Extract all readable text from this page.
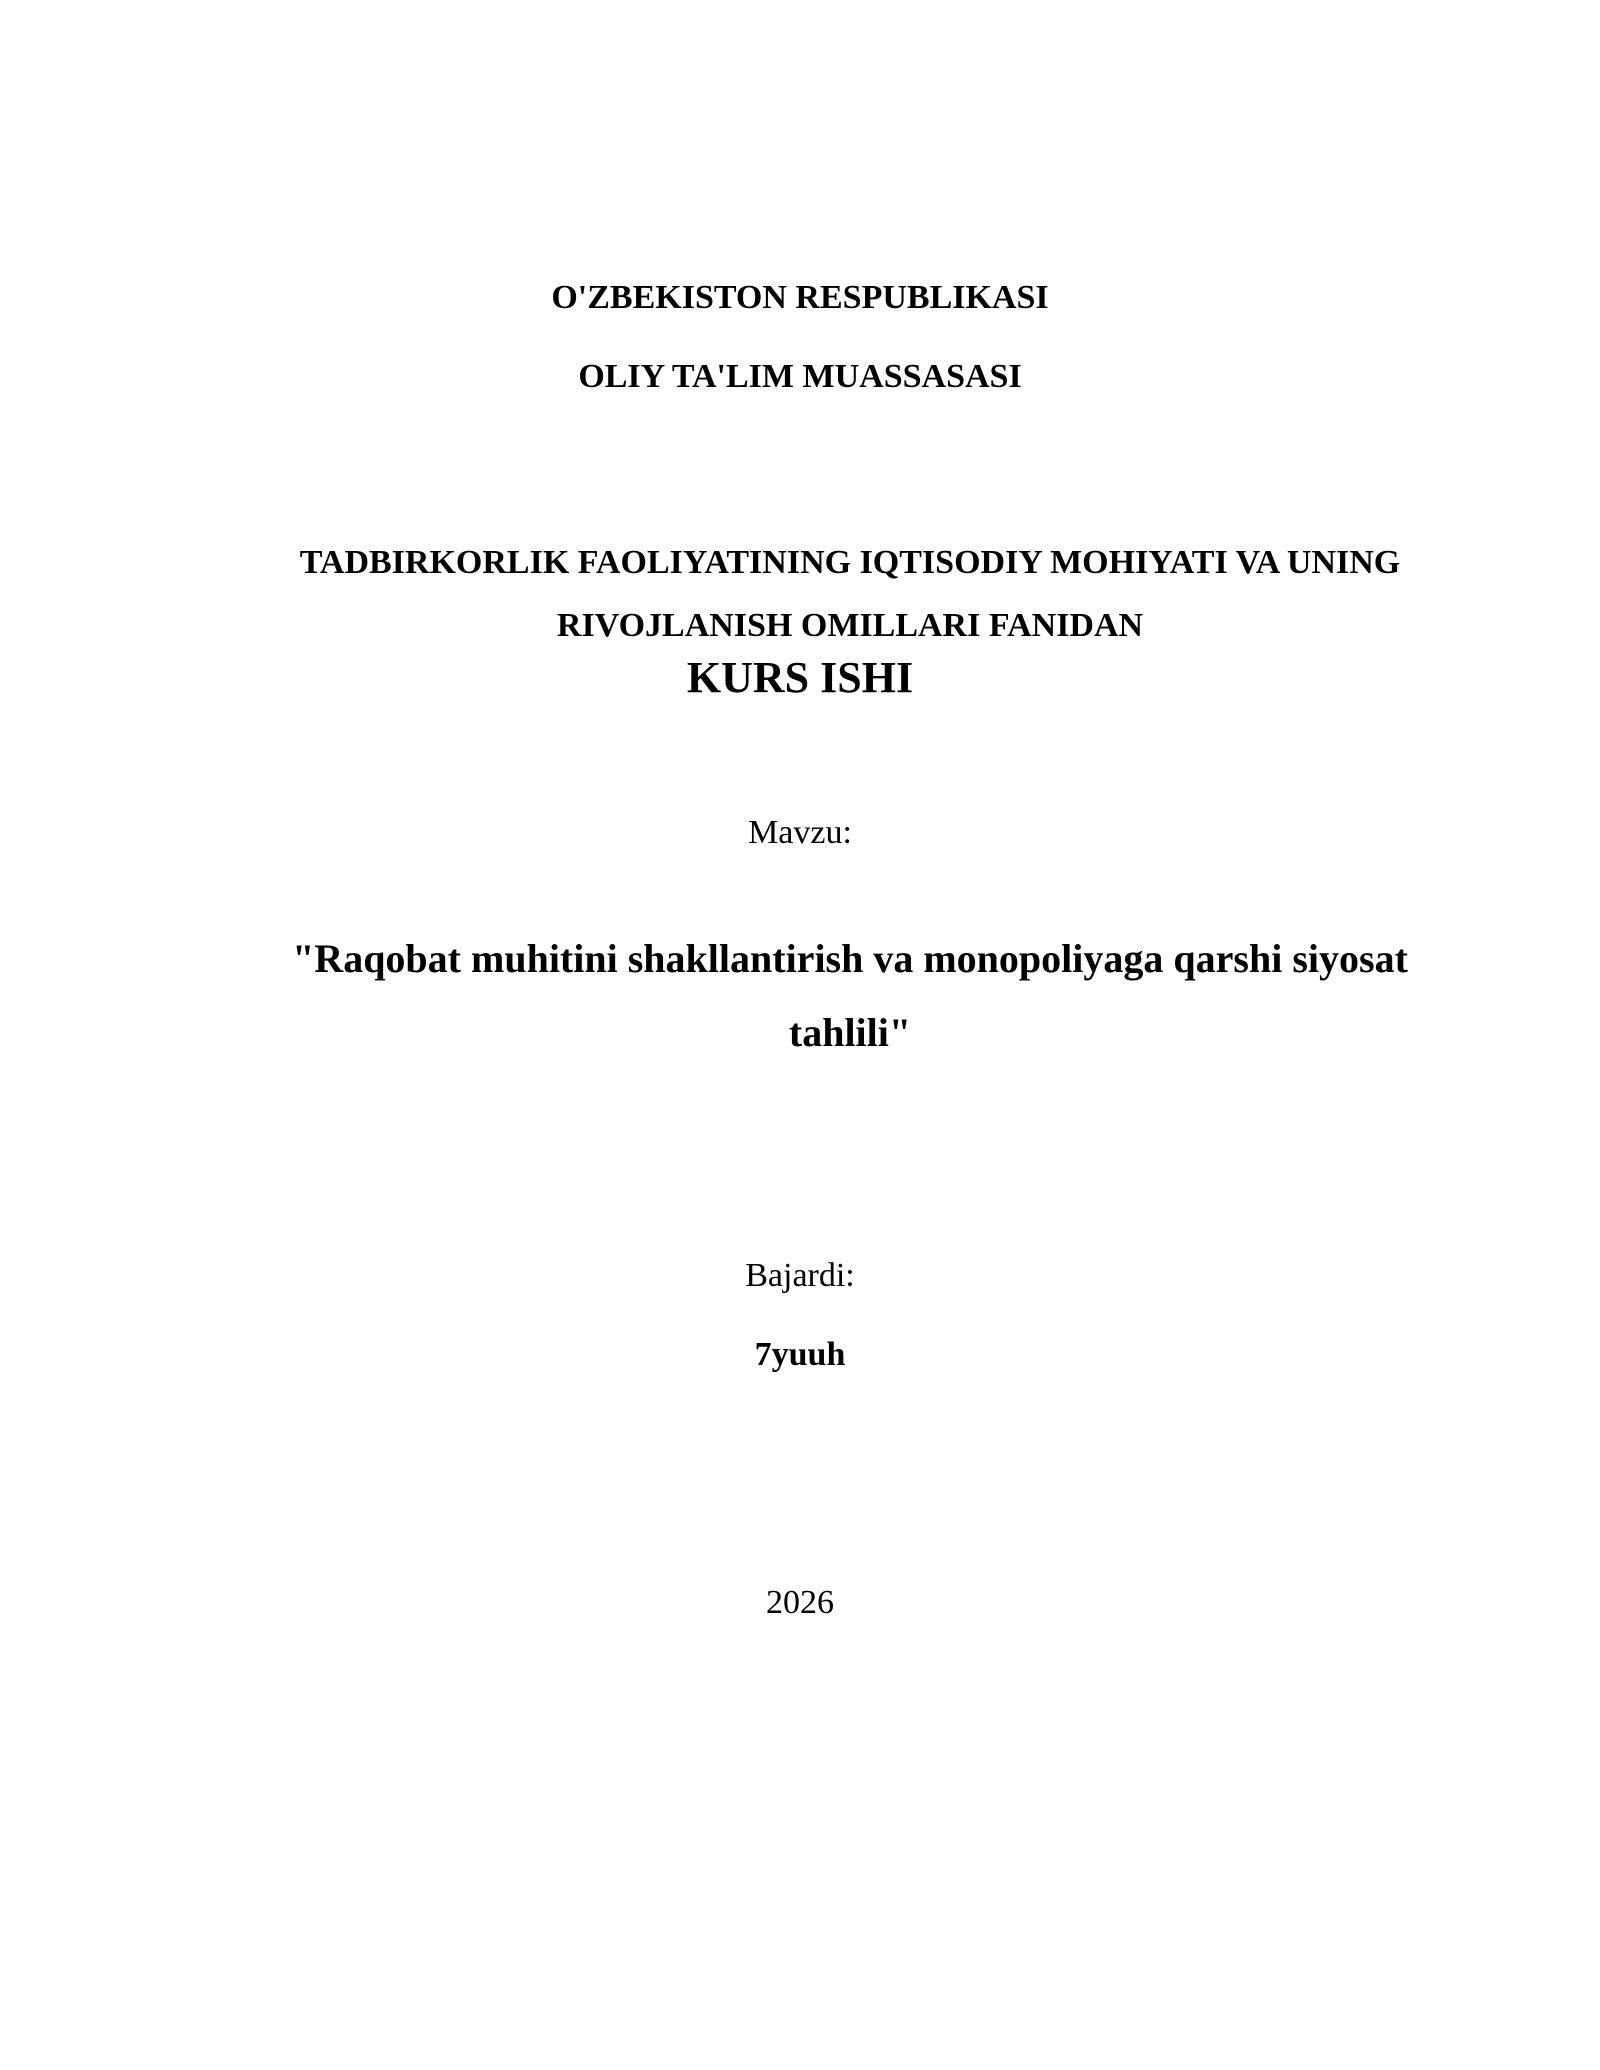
O'ZBEKISTON RESPUBLIKASI

OLIY TA'LIM MUASSASASI

TADBIRKORLIK FAOLIYATINING IQTISODIY MOHIYATI VA UNING RIVOJLANISH OMILLARI FANIDAN

KURS ISHI

Mavzu:

"Raqobat muhitini shakllantirish va monopoliyaga qarshi siyosat tahlili"

Bajardi:

7yuuh

2026
